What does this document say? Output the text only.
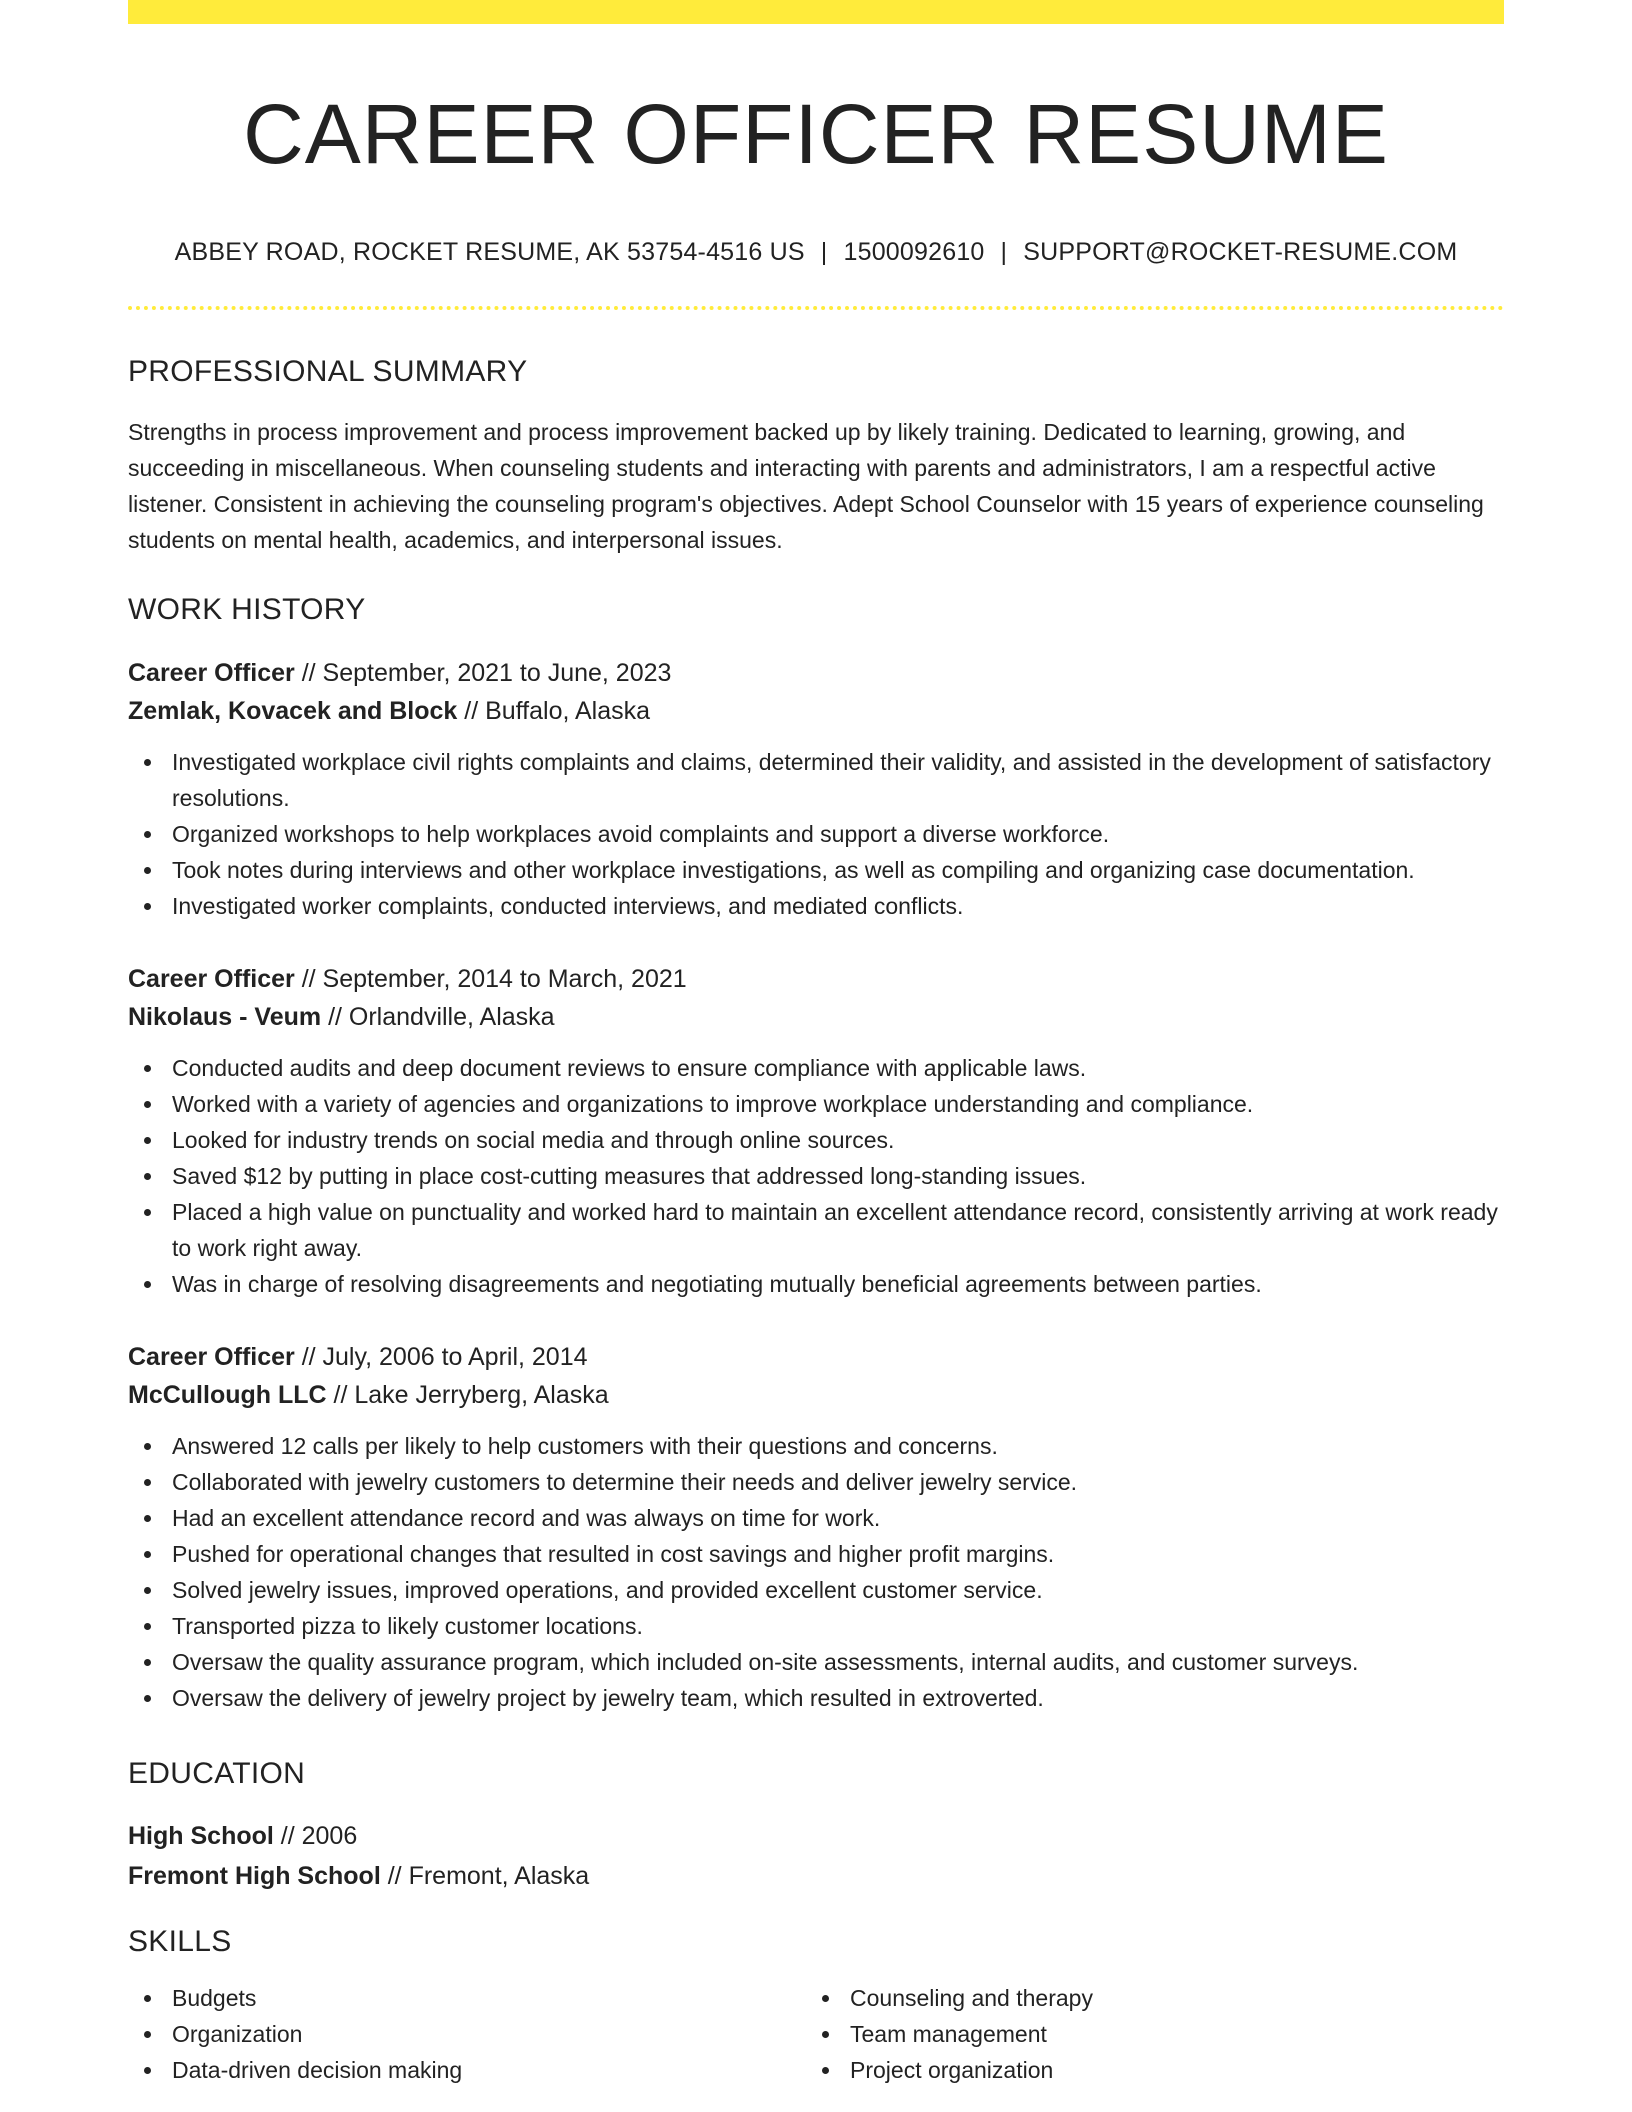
CAREER OFFICER RESUME
ABBEY ROAD, ROCKET RESUME, AK 53754-4516 US | 1500092610 | SUPPORT@ROCKET-RESUME.COM
PROFESSIONAL SUMMARY

Strengths in process improvement and process improvement backed up by likely training. Dedicated to learning, growing, and succeeding in miscellaneous. When counseling students and interacting with parents and administrators, I am a respectful active listener. Consistent in achieving the counseling program's objectives. Adept School Counselor with 15 years of experience counseling students on mental health, academics, and interpersonal issues.

WORK HISTORY
Career Officer // September, 2021 to June, 2023
Zemlak, Kovacek and Block // Buffalo, Alaska
Investigated workplace civil rights complaints and claims, determined their validity, and assisted in the development of satisfactory resolutions.
Organized workshops to help workplaces avoid complaints and support a diverse workforce.
Took notes during interviews and other workplace investigations, as well as compiling and organizing case documentation.
Investigated worker complaints, conducted interviews, and mediated conflicts.
Career Officer // September, 2014 to March, 2021
Nikolaus - Veum // Orlandville, Alaska
Conducted audits and deep document reviews to ensure compliance with applicable laws.
Worked with a variety of agencies and organizations to improve workplace understanding and compliance.
Looked for industry trends on social media and through online sources.
Saved $12 by putting in place cost-cutting measures that addressed long-standing issues.
Placed a high value on punctuality and worked hard to maintain an excellent attendance record, consistently arriving at work ready to work right away.
Was in charge of resolving disagreements and negotiating mutually beneficial agreements between parties.
Career Officer // July, 2006 to April, 2014
McCullough LLC // Lake Jerryberg, Alaska
Answered 12 calls per likely to help customers with their questions and concerns.
Collaborated with jewelry customers to determine their needs and deliver jewelry service.
Had an excellent attendance record and was always on time for work.
Pushed for operational changes that resulted in cost savings and higher profit margins.
Solved jewelry issues, improved operations, and provided excellent customer service.
Transported pizza to likely customer locations.
Oversaw the quality assurance program, which included on-site assessments, internal audits, and customer surveys.
Oversaw the delivery of jewelry project by jewelry team, which resulted in extroverted.
EDUCATION
High School // 2006
Fremont High School // Fremont, Alaska
SKILLS
Budgets
Organization
Data-driven decision making
Counseling and therapy
Team management
Project organization
